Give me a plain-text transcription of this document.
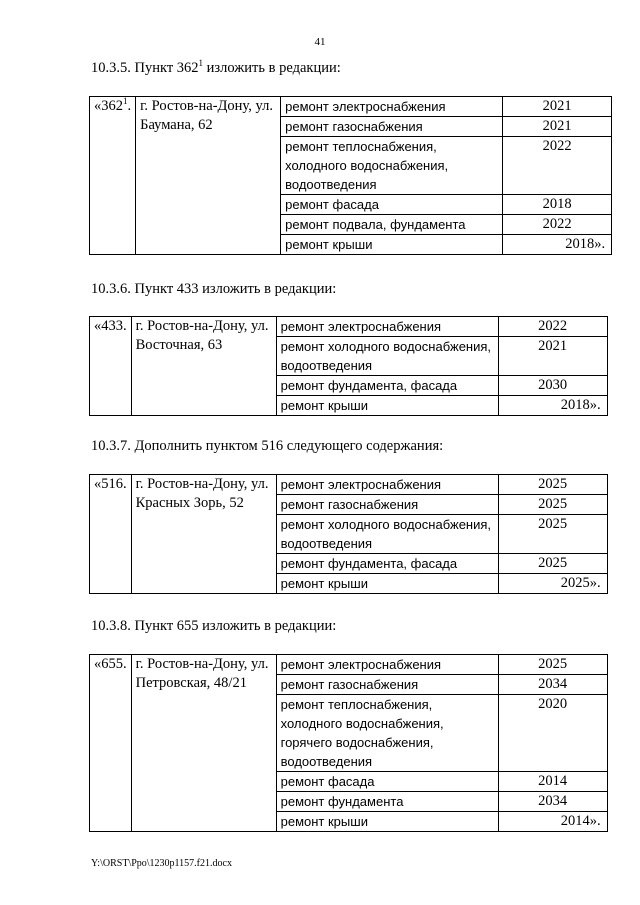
41
10.3.5. Пункт $362^1$ изложить в редакции:
«$362^1$.	г. Ростов-на-Дону, ул. Баумана, 62	ремонт электроснабжения	2021
		ремонт газоснабжения	2021
		ремонт теплоснабжения, холодного водоснабжения, водоотведения	2022
		ремонт фасада	2018
		ремонт подвала, фундамента	2022
		ремонт крыши	2018».
10.3.6. Пункт 433 изложить в редакции:
«433.	г. Ростов-на-Дону, ул. Восточная, 63	ремонт электроснабжения	2022
		ремонт холодного водоснабжения, водоотведения	2021
		ремонт фундамента, фасада	2030
		ремонт крыши	2018».
10.3.7. Дополнить пунктом 516 следующего содержания:
«516.	г. Ростов-на-Дону, ул. Красных Зорь, 52	ремонт электроснабжения	2025
		ремонт газоснабжения	2025
		ремонт холодного водоснабжения, водоотведения	2025
		ремонт фундамента, фасада	2025
		ремонт крыши	2025».
10.3.8. Пункт 655 изложить в редакции:
«655.	г. Ростов-на-Дону, ул. Петровская, 48/21	ремонт электроснабжения	2025
		ремонт газоснабжения	2034
		ремонт теплоснабжения, холодного водоснабжения, горячего водоснабжения, водоотведения	2020
		ремонт фасада	2014
		ремонт фундамента	2034
		ремонт крыши	2014».
Y:\ORST\Ppo\1230p1157.f21.docx
